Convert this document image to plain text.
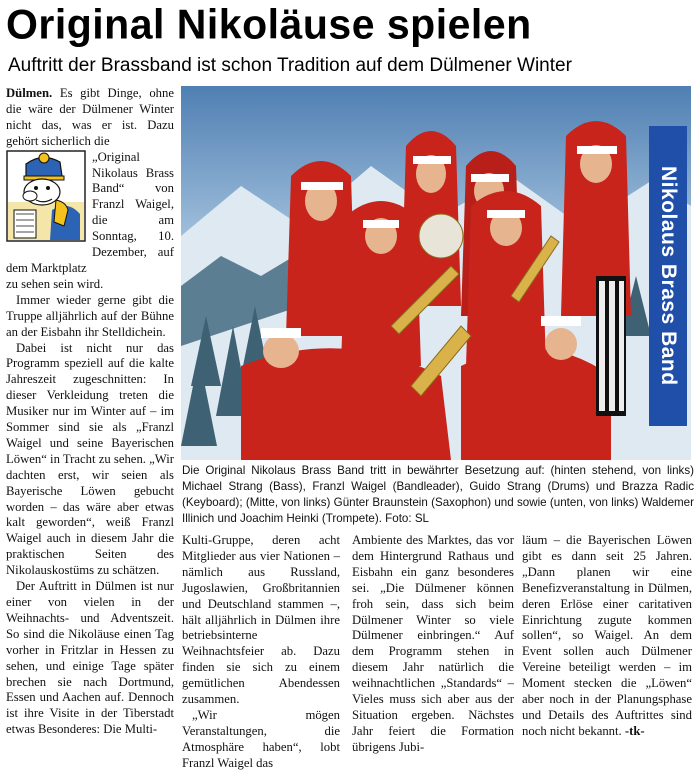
Original Nikoläuse spielen
Auftritt der Brassband ist schon Tradition auf dem Dülmener Winter

Dülmen. Es gibt Dinge, ohne die wäre der Dülmener Winter nicht das, was er ist. Dazu gehört sicherlich die

„Original Nikolaus Brass Band“ von Franzl Waigel, die am Sonntag, 10. Dezember, auf dem Marktplatz

zu sehen sein wird.

Immer wieder gerne gibt die Truppe alljährlich auf der Bühne an der Eisbahn ihr Stelldichein.

Dabei ist nicht nur das Programm speziell auf die kalte Jahreszeit zugeschnitten: In dieser Verkleidung treten die Musiker nur im Winter auf – im Sommer sind sie als „Franzl Waigel und seine Bayerischen Löwen“ in Tracht zu sehen. „Wir dachten erst, wir seien als Bayerische Löwen gebucht worden – das wäre aber etwas kalt geworden“, weiß Franzl Waigel auch in diesem Jahr die praktischen Seiten des Nikolauskostüms zu schätzen.

Der Auftritt in Dülmen ist nur einer von vielen in der Weihnachts- und Adventszeit. So sind die Nikoläuse einen Tag vorher in Fritzlar in Hessen zu sehen, und einige Tage später brechen sie nach Dortmund, Essen und Aachen auf. Dennoch ist ihre Visite in der Tiberstadt etwas Besonderes: Die Multi-

Nikolaus Brass Band
Die Original Nikolaus Brass Band tritt in bewährter Besetzung auf: (hinten stehend, von links) Michael Strang (Bass), Franzl Waigel (Bandleader), Guido Strang (Drums) und Brazza Radic (Keyboard); (Mitte, von links) Günter Braunstein (Saxophon) und sowie (unten, von links) Waldemer Illinich und Joachim Heinki (Trompete). Foto: SL

Kulti-Gruppe, deren acht Mitglieder aus vier Nationen – nämlich aus Russland, Jugoslawien, Großbritannien und Deutschland stammen –, hält alljährlich in Dülmen ihre betriebsinterne Weihnachtsfeier ab. Dazu finden sie sich zu einem gemütlichen Abendessen zusammen.

„Wir mögen Veranstaltungen, die Atmosphäre haben“, lobt Franzl Waigel das

Ambiente des Marktes, das vor dem Hintergrund Rathaus und Eisbahn ein ganz besonderes sei. „Die Dülmener können froh sein, dass sich beim Dülmener Winter so viele Dülmener einbringen.“ Auf dem Programm stehen in diesem Jahr natürlich die weihnachtlichen „Standards“ – Vieles muss sich aber aus der Situation ergeben. Nächstes Jahr feiert die Formation übrigens Jubi-

läum – die Bayerischen Löwen gibt es dann seit 25 Jahren. „Dann planen wir eine Benefizveranstaltung in Dülmen, deren Erlöse einer caritativen Einrichtung zugute kommen sollen“, so Waigel. An dem Event sollen auch Dülmener Vereine beteiligt werden – im Moment stecken die „Löwen“ aber noch in der Planungsphase und Details des Auftrittes sind noch nicht bekannt. -tk-
